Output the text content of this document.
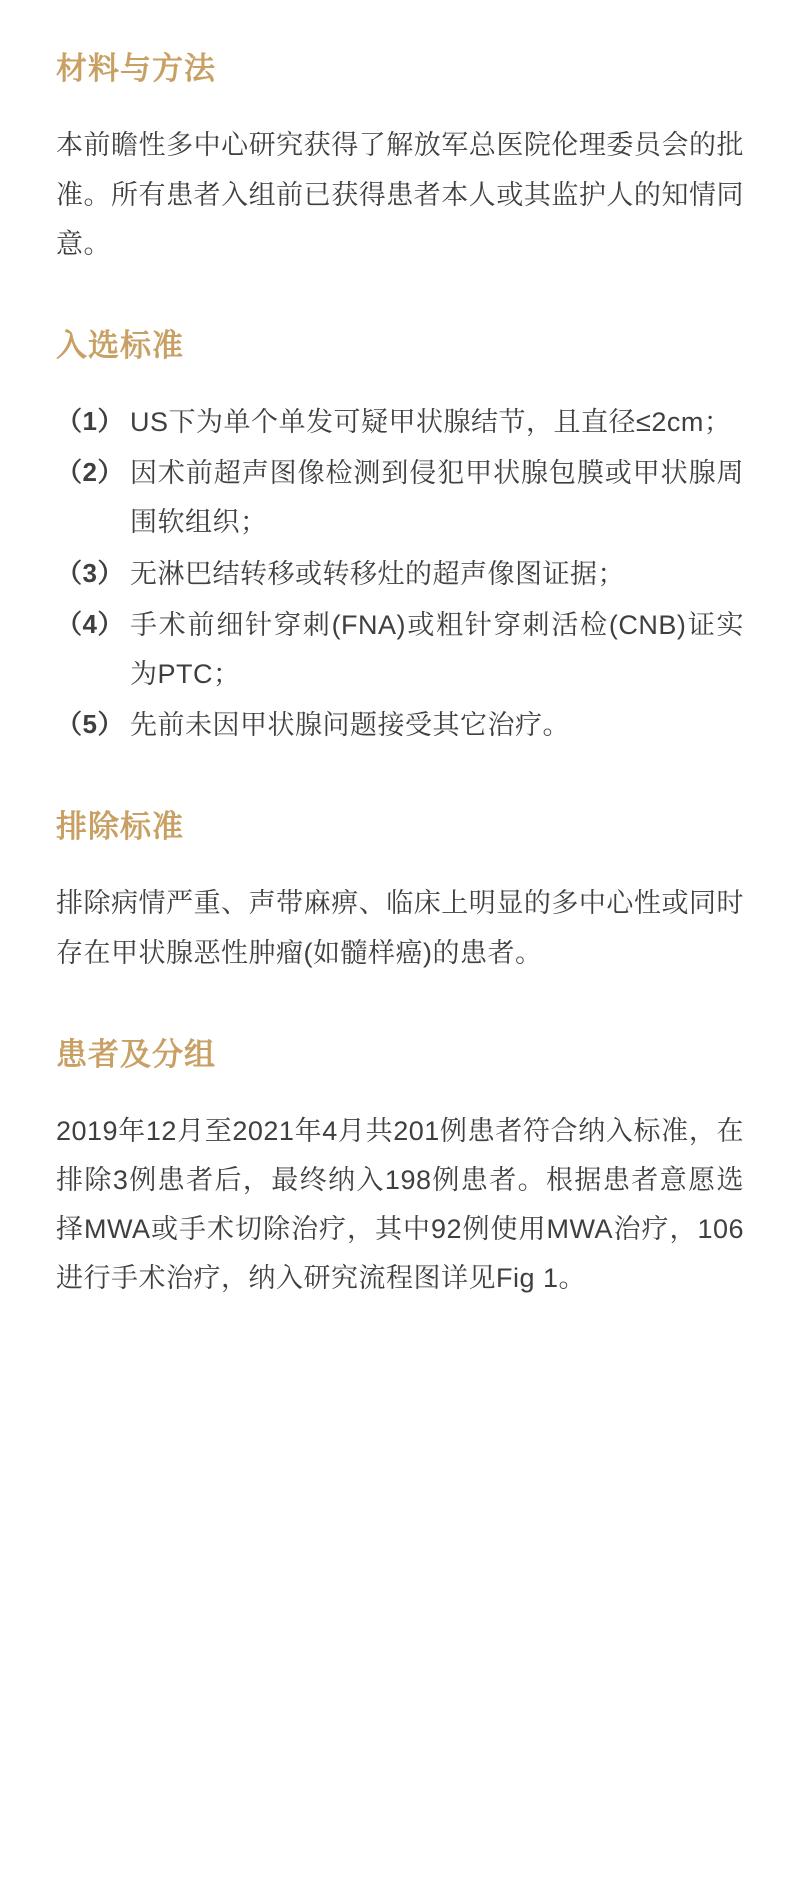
材料与方法

本前瞻性多中心研究获得了解放军总医院伦理委员会的批准。所有患者入组前已获得患者本人或其监护人的知情同意。

入选标准
（1） US下为单个单发可疑甲状腺结节，且直径≤2cm；
（2） 因术前超声图像检测到侵犯甲状腺包膜或甲状腺周围软组织；
（3） 无淋巴结转移或转移灶的超声像图证据；
（4） 手术前细针穿刺(FNA)或粗针穿刺活检(CNB)证实为PTC；
（5） 先前未因甲状腺问题接受其它治疗。
排除标准

排除病情严重、声带麻痹、临床上明显的多中心性或同时存在甲状腺恶性肿瘤(如髓样癌)的患者。

患者及分组

2019年12月至2021年4月共201例患者符合纳入标准，在排除3例患者后，最终纳入198例患者。根据患者意愿选择MWA或手术切除治疗，其中92例使用MWA治疗，106进行手术治疗，纳入研究流程图详见Fig 1。
